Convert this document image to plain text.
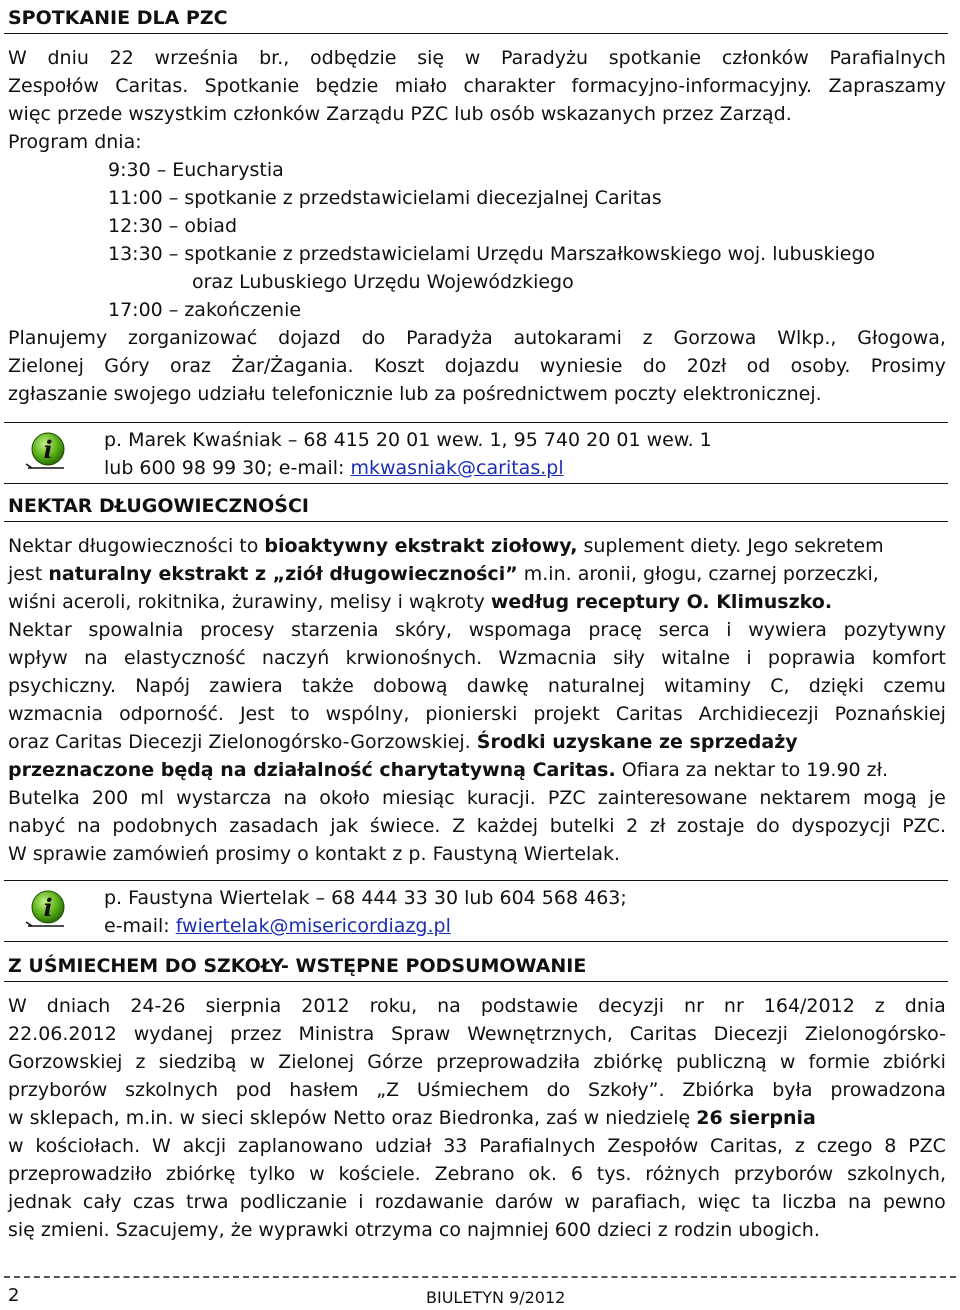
SPOTKANIE DLA PZC
W dniu 22 września br., odbędzie się w Paradyżu spotkanie członków Parafialnych
Zespołów Caritas. Spotkanie będzie miało charakter formacyjno-informacyjny. Zapraszamy
więc przede wszystkim członków Zarządu PZC lub osób wskazanych przez Zarząd.
Program dnia:
9:30 – Eucharystia
11:00 – spotkanie z przedstawicielami diecezjalnej Caritas
12:30 – obiad
13:30 – spotkanie z przedstawicielami Urzędu Marszałkowskiego woj. lubuskiego
oraz Lubuskiego Urzędu Wojewódzkiego
17:00 – zakończenie
Planujemy zorganizować dojazd do Paradyża autokarami z Gorzowa Wlkp., Głogowa,
Zielonej Góry oraz Żar/Żagania. Koszt dojazdu wyniesie do 20zł od osoby. Prosimy
zgłaszanie swojego udziału telefonicznie lub za pośrednictwem poczty elektronicznej.
i	p. Marek Kwaśniak – 68 415 20 01 wew. 1, 95 740 20 01 wew. 1
lub 600 98 99 30; e-mail: mkwasniak@caritas.pl
NEKTAR DŁUGOWIECZNOŚCI
Nektar długowieczności to bioaktywny ekstrakt ziołowy, suplement diety. Jego sekretem
jest naturalny ekstrakt z „ziół długowieczności” m.in. aronii, głogu, czarnej porzeczki,
wiśni aceroli, rokitnika, żurawiny, melisy i wąkroty według receptury O. Klimuszko.
Nektar spowalnia procesy starzenia skóry, wspomaga pracę serca i wywiera pozytywny
wpływ na elastyczność naczyń krwionośnych. Wzmacnia siły witalne i poprawia komfort
psychiczny. Napój zawiera także dobową dawkę naturalnej witaminy C, dzięki czemu
wzmacnia odporność. Jest to wspólny, pionierski projekt Caritas Archidiecezji Poznańskiej
oraz Caritas Diecezji Zielonogórsko-Gorzowskiej. Środki uzyskane ze sprzedaży
przeznaczone będą na działalność charytatywną Caritas. Ofiara za nektar to 19.90 zł.
Butelka 200 ml wystarcza na około miesiąc kuracji. PZC zainteresowane nektarem mogą je
nabyć na podobnych zasadach jak świece. Z każdej butelki 2 zł zostaje do dyspozycji PZC.
W sprawie zamówień prosimy o kontakt z p. Faustyną Wiertelak.
i	p. Faustyna Wiertelak – 68 444 33 30 lub 604 568 463;
e-mail: fwiertelak@misericordiazg.pl
Z UŚMIECHEM DO SZKOŁY- WSTĘPNE PODSUMOWANIE
W dniach 24-26 sierpnia 2012 roku, na podstawie decyzji nr nr 164/2012 z dnia
22.06.2012 wydanej przez Ministra Spraw Wewnętrznych, Caritas Diecezji Zielonogórsko-
Gorzowskiej z siedzibą w Zielonej Górze przeprowadziła zbiórkę publiczną w formie zbiórki
przyborów szkolnych pod hasłem „Z Uśmiechem do Szkoły”. Zbiórka była prowadzona
w sklepach, m.in. w sieci sklepów Netto oraz Biedronka, zaś w niedzielę 26 sierpnia
w kościołach. W akcji zaplanowano udział 33 Parafialnych Zespołów Caritas, z czego 8 PZC
przeprowadziło zbiórkę tylko w kościele. Zebrano ok. 6 tys. różnych przyborów szkolnych,
jednak cały czas trwa podliczanie i rozdawanie darów w parafiach, więc ta liczba na pewno
się zmieni. Szacujemy, że wyprawki otrzyma co najmniej 600 dzieci z rodzin ubogich.
2	BIULETYN 9/2012
